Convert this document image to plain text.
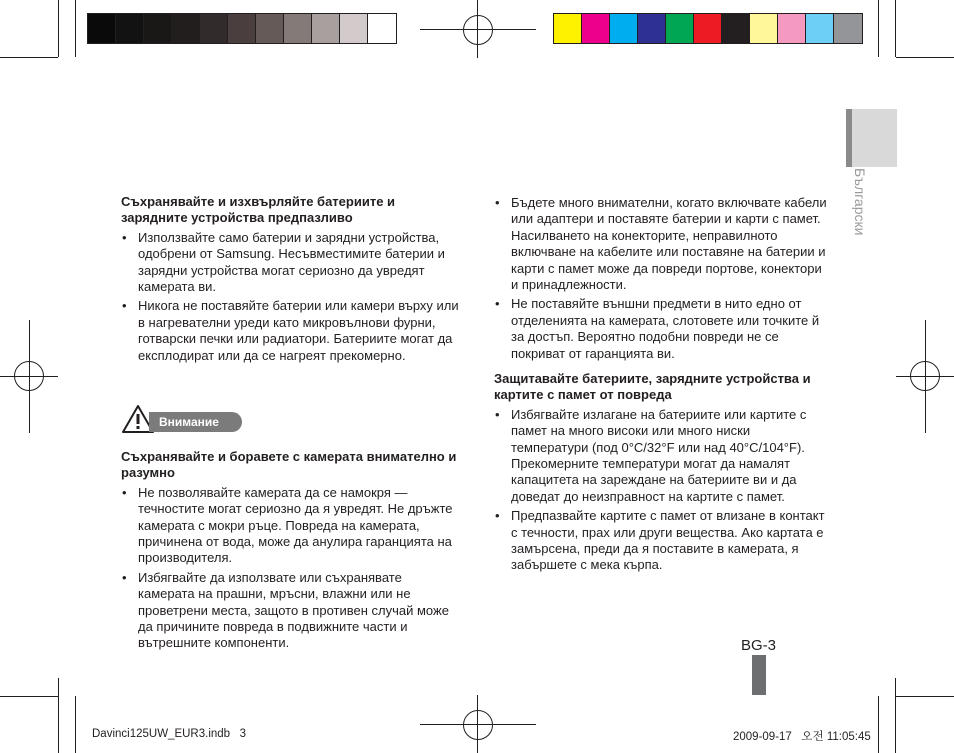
Български

Съхранявайте и изхвърляйте батериите и зарядните устройства предпазливо

• Използвайте само батерии и зарядни устройства, одобрени от Samsung. Несъвместимите батерии и зарядни устройства могат сериозно да увредят камерата ви.
• Никога не поставяйте батерии или камери върху или в нагревателни уреди като микровълнови фурни, готварски печки или радиатори. Батериите могат да експлодират или да се нагреят прекомерно.
Внимание

Съхранявайте и боравете с камерата внимателно и разумно

• Не позволявайте камерата да се намокря — течностите могат сериозно да я увредят. Не дръжте камерата с мокри ръце. Повреда на камерата, причинена от вода, може да анулира гаранцията на производителя.
• Избягвайте да използвате или съхранявате камерата на прашни, мръсни, влажни или не проветрени места, защото в противен случай може да причините повреда в подвижните части и вътрешните компоненти.
• Бъдете много внимателни, когато включвате кабели или адаптери и поставяте батерии и карти с памет. Насилването на конекторите, неправилното включване на кабелите или поставяне на батерии и карти с памет може да повреди портове, конектори и принадлежности.
• Не поставяйте външни предмети в нито едно от отделенията на камерата, слотовете или точките й за достъп. Вероятно подобни повреди не се покриват от гаранцията ви.

Защитавайте батериите, зарядните устройства и картите с памет от повреда

• Избягвайте излагане на батериите или картите с памет на много високи или много ниски температури (под 0°C/32°F или над 40°C/104°F). Прекомерните температури могат да намалят капацитета на зареждане на батериите ви и да доведат до неизправност на картите с памет.
• Предпазвайте картите с памет от влизане в контакт с течности, прах или други вещества. Ако картата е замърсена, преди да я поставите в камерата, я забършете с мека кърпа.
BG-3
Davinci125UW_EUR3.indb   3	2009-09-17   오전 11:05:45
